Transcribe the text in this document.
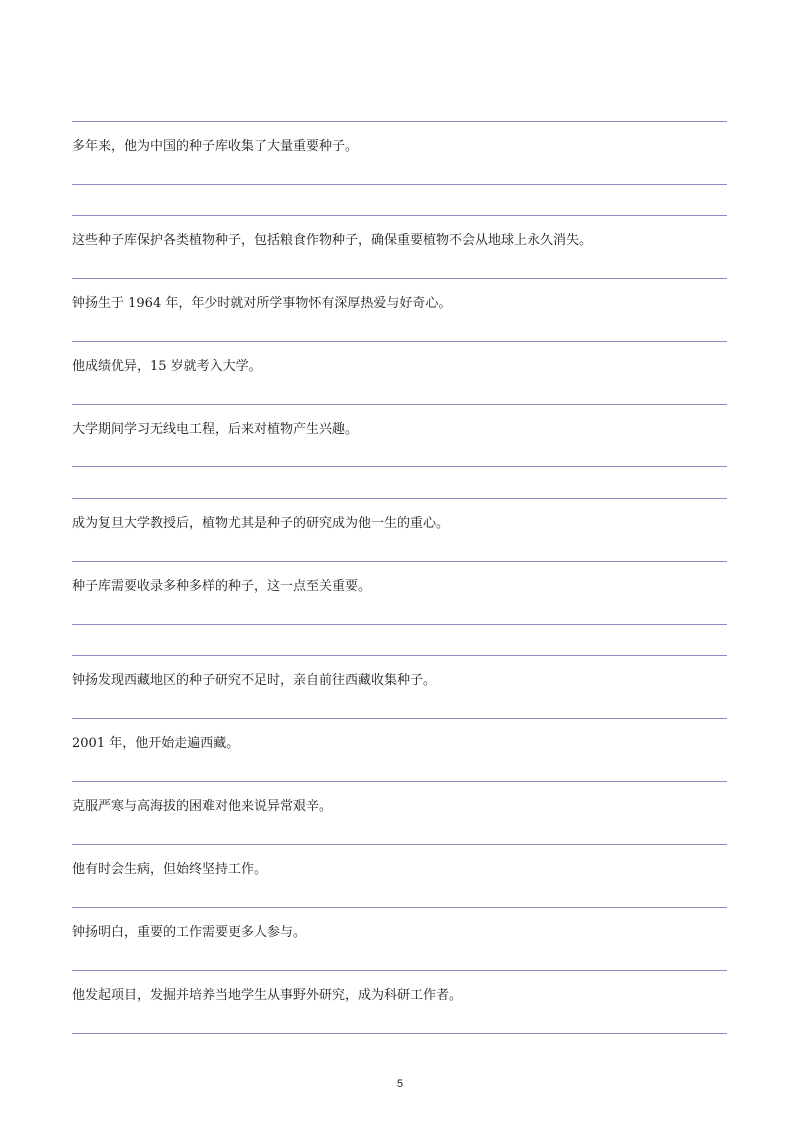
多年来，他为中国的种子库收集了大量重要种子。
这些种子库保护各类植物种子，包括粮食作物种子，确保重要植物不会从地球上永久消失。
钟扬生于 1964 年，年少时就对所学事物怀有深厚热爱与好奇心。
他成绩优异，15 岁就考入大学。
大学期间学习无线电工程，后来对植物产生兴趣。
成为复旦大学教授后，植物尤其是种子的研究成为他一生的重心。
种子库需要收录多种多样的种子，这一点至关重要。
钟扬发现西藏地区的种子研究不足时，亲自前往西藏收集种子。
2001 年，他开始走遍西藏。
克服严寒与高海拔的困难对他来说异常艰辛。
他有时会生病，但始终坚持工作。
钟扬明白，重要的工作需要更多人参与。
他发起项目，发掘并培养当地学生从事野外研究，成为科研工作者。
5
